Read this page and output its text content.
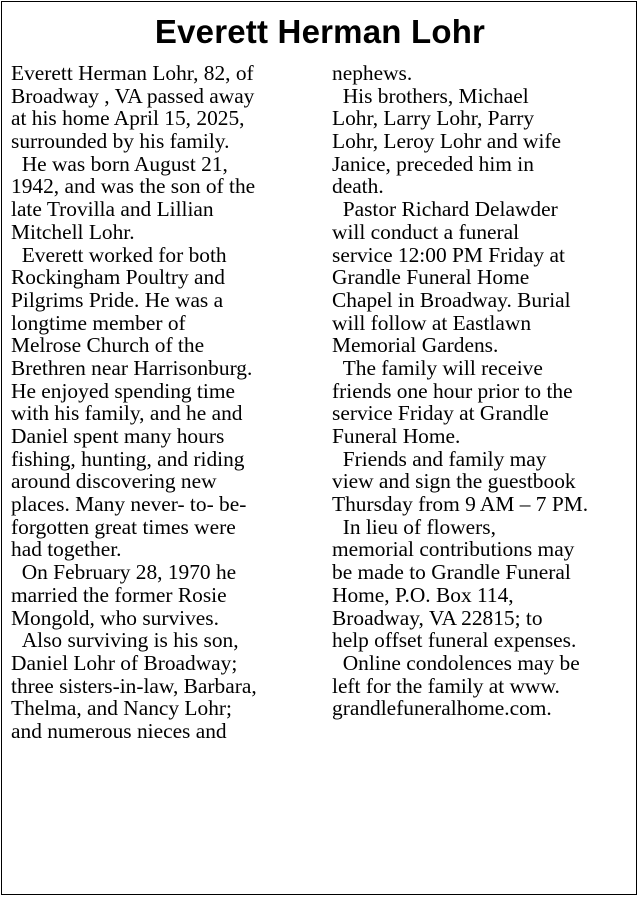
Everett Herman Lohr
Everett Herman Lohr, 82, of
Broadway , VA passed away
at his home April 15, 2025,
surrounded by his family.
He was born August 21,
1942, and was the son of the
late Trovilla and Lillian
Mitchell Lohr.
Everett worked for both
Rockingham Poultry and
Pilgrims Pride. He was a
longtime member of
Melrose Church of the
Brethren near Harrisonburg.
He enjoyed spending time
with his family, and he and
Daniel spent many hours
fishing, hunting, and riding
around discovering new
places. Many never- to- be-
forgotten great times were
had together.
On February 28, 1970 he
married the former Rosie
Mongold, who survives.
Also surviving is his son,
Daniel Lohr of Broadway;
three sisters-in-law, Barbara,
Thelma, and Nancy Lohr;
and numerous nieces and
nephews.
His brothers, Michael
Lohr, Larry Lohr, Parry
Lohr, Leroy Lohr and wife
Janice, preceded him in
death.
Pastor Richard Delawder
will conduct a funeral
service 12:00 PM Friday at
Grandle Funeral Home
Chapel in Broadway. Burial
will follow at Eastlawn
Memorial Gardens.
The family will receive
friends one hour prior to the
service Friday at Grandle
Funeral Home.
Friends and family may
view and sign the guestbook
Thursday from 9 AM – 7 PM.
In lieu of flowers,
memorial contributions may
be made to Grandle Funeral
Home, P.O. Box 114,
Broadway, VA 22815; to
help offset funeral expenses.
Online condolences may be
left for the family at www.
grandlefuneralhome.com.
